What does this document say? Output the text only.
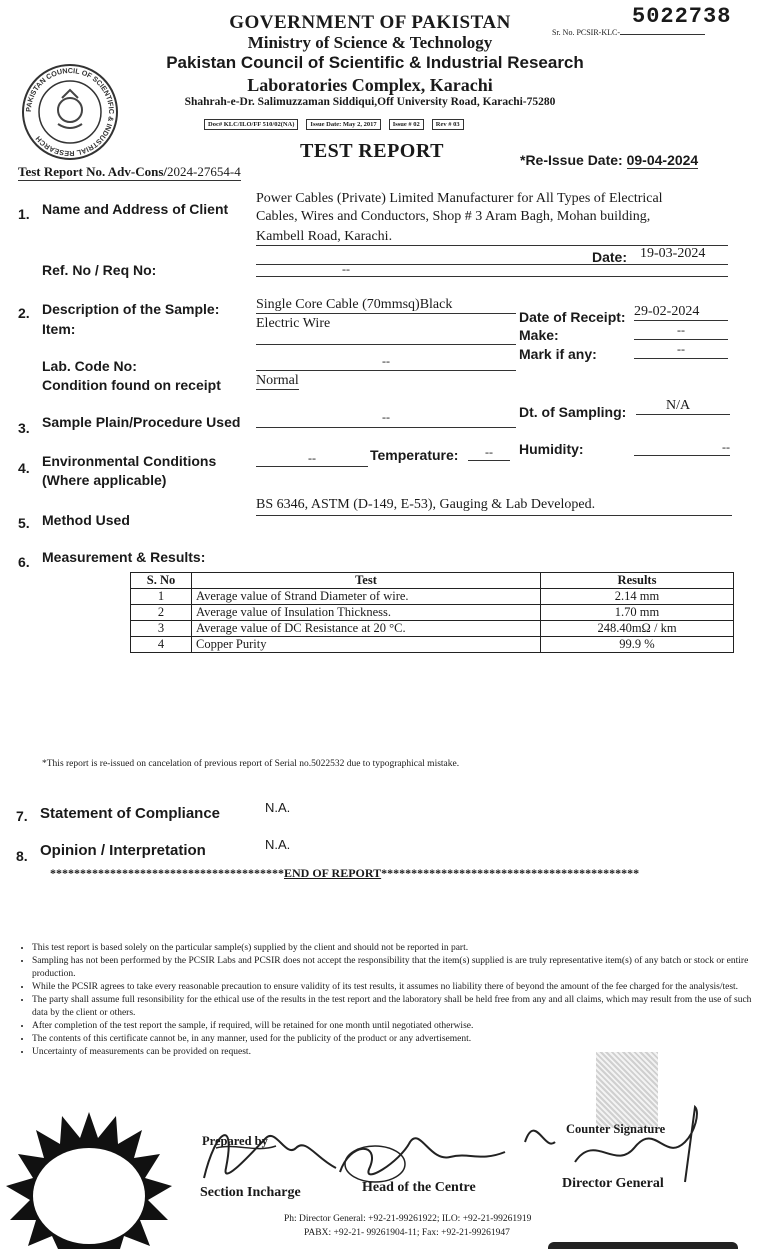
PAKISTAN COUNCIL OF SCIENTIFIC & INDUSTRIAL RESEARCH
GOVERNMENT OF PAKISTAN
Ministry of Science & Technology
Pakistan Council of Scientific & Industrial Research
Laboratories Complex, Karachi
Shahrah-e-Dr. Salimuzzaman Siddiqui,Off University Road, Karachi-75280
Doc# KLC/ILO/FF 510/02(NA)	Issue Date: May 2, 2017	Issue # 02	Rev # 03
5022738
Sr. No. PCSIR-KLC-
TEST REPORT
Test Report No. Adv-Cons/2024-27654-4
*Re-Issue Date: 09-04-2024
1. Name and Address of Client
Power Cables (Private) Limited Manufacturer for All Types of Electrical
Cables, Wires and Conductors, Shop # 3 Aram Bagh, Mohan building,
Kambell Road, Karachi.
Date: 19-03-2024
Ref. No / Req No:	--
2. Description of the Sample:
Item:
Single Core Cable (70mmsq)Black
Electric Wire	Date of Receipt: 29-02-2024
Make:	--
Mark if any:	--
Lab. Code No:	--
Condition found on receipt	Normal
3. Sample Plain/Procedure Used	--	Dt. of Sampling:	N/A
4. Environmental Conditions
(Where applicable)
--	Temperature:	--	Humidity:	--
5. Method Used
BS 6346, ASTM (D-149, E-53), Gauging & Lab Developed.
6. Measurement & Results:
S. No	Test	Results
1	Average value of Strand Diameter of wire.	2.14 mm
2	Average value of Insulation Thickness.	1.70 mm
3	Average value of DC Resistance at 20 °C.	248.40mΩ / km
4	Copper Purity	99.9 %
*This report is re-issued on cancelation of previous report of Serial no.5022532 due to typographical mistake.
7. Statement of Compliance	N.A.
8. Opinion / Interpretation	N.A.
***************************************END OF REPORT*******************************************
• This test report is based solely on the particular sample(s) supplied by the client and should not be reported in part.
• Sampling has not been performed by the PCSIR Labs and PCSIR does not accept the responsibility that the item(s) supplied is are truly representative item(s) of any batch or stock or entire production.
• While the PCSIR agrees to take every reasonable precaution to ensure validity of its test results, it assumes no liability there of beyond the amount of the fee charged for the analysis/test.
• The party shall assume full resonsibility for the ethical use of the results in the test report and the laboratory shall be held free from any and all claims, which may result from the use of such data by the client or others.
• After completion of the test report the sample, if required, will be retained for one month until negotiated otherwise.
• The contents of this certificate cannot be, in any manner, used for the publicity of the product or any advertisement.
• Uncertainty of measurements can be provided on request.
Prepared by
Section Incharge	Head of the Centre
Counter Signature
Director General
Ph: Director General: +92-21-99261922; ILO: +92-21-99261919
PABX: +92-21- 99261904-11; Fax: +92-21-99261947
